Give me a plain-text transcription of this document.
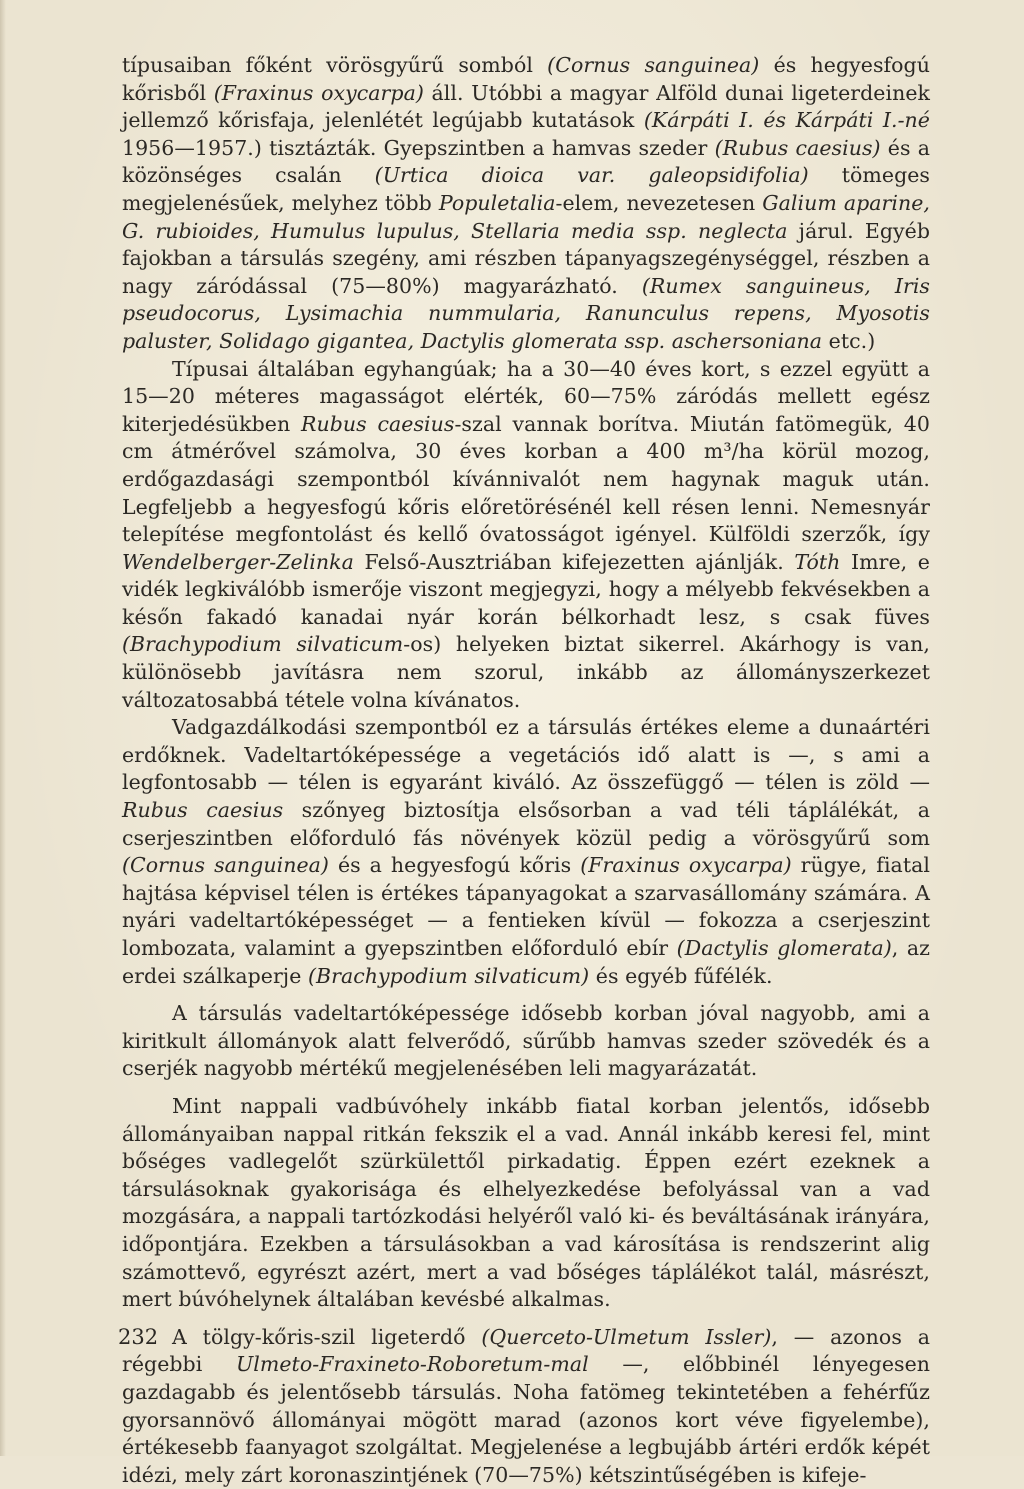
típusaiban főként vörösgyűrű somból (Cornus sanguinea) és hegyesfogú kőrisből (Fraxinus oxycarpa) áll. Utóbbi a magyar Alföld dunai ligeterdeinek jellemző kőrisfaja, jelenlétét legújabb kutatások (Kárpáti I. és Kárpáti I.-né 1956—1957.) tisztázták. Gyepszintben a hamvas szeder (Rubus caesius) és a közönséges csalán (Urtica dioica var. galeopsidifolia) tömeges megjelenésűek, melyhez több Populetalia-elem, nevezetesen Galium aparine, G. rubioides, Humulus lupulus, Stellaria media ssp. neglecta járul. Egyéb fajokban a társulás szegény, ami részben tápanyagszegénységgel, részben a nagy záródással (75—80%) magyarázható. (Rumex sanguineus, Iris pseudocorus, Lysimachia nummularia, Ranunculus repens, Myosotis paluster, Solidago gigantea, Dactylis glomerata ssp. aschersoniana etc.)

Típusai általában egyhangúak; ha a 30—40 éves kort, s ezzel együtt a 15—20 méteres magasságot elérték, 60—75% záródás mellett egész kiterjedésükben Rubus caesius-szal vannak borítva. Miután fatömegük, 40 cm átmérővel számolva, 30 éves korban a 400 m³/ha körül mozog, erdőgazdasági szempontból kívánnivalót nem hagynak maguk után. Legfeljebb a hegyesfogú kőris előretörésénél kell résen lenni. Nemesnyár telepítése megfontolást és kellő óvatosságot igényel. Külföldi szerzők, így Wendelberger-Zelinka Felső-Ausztriában kifejezetten ajánlják. Tóth Imre, e vidék legkiválóbb ismerője viszont megjegyzi, hogy a mélyebb fekvésekben a későn fakadó kanadai nyár korán bélkorhadt lesz, s csak füves (Brachypodium silvaticum-os) helyeken biztat sikerrel. Akárhogy is van, különösebb javításra nem szorul, inkább az állományszerkezet változatosabbá tétele volna kívánatos.

Vadgazdálkodási szempontból ez a társulás értékes eleme a dunaártéri erdőknek. Vadeltartóképessége a vegetációs idő alatt is —, s ami a legfontosabb — télen is egyaránt kiváló. Az összefüggő — télen is zöld — Rubus caesius szőnyeg biztosítja elsősorban a vad téli táplálékát, a cserjeszintben előforduló fás növények közül pedig a vörösgyűrű som (Cornus sanguinea) és a hegyesfogú kőris (Fraxinus oxycarpa) rügye, fiatal hajtása képvisel télen is értékes tápanyagokat a szarvasállomány számára. A nyári vadeltartóképességet — a fentieken kívül — fokozza a cserjeszint lombozata, valamint a gyepszintben előforduló ebír (Dactylis glomerata), az erdei szálkaperje (Brachypodium silvaticum) és egyéb fűfélék.

A társulás vadeltartóképessége idősebb korban jóval nagyobb, ami a kiritkult állományok alatt felverődő, sűrűbb hamvas szeder szövedék és a cserjék nagyobb mértékű megjelenésében leli magyarázatát.

Mint nappali vadbúvóhely inkább fiatal korban jelentős, idősebb állományaiban nappal ritkán fekszik el a vad. Annál inkább keresi fel, mint bőséges vadlegelőt szürkülettől pirkadatig. Éppen ezért ezeknek a társulásoknak gyakorisága és elhelyezkedése befolyással van a vad mozgására, a nappali tartózkodási helyéről való ki- és beváltásának irányára, időpontjára. Ezekben a társulásokban a vad károsítása is rendszerint alig számottevő, egyrészt azért, mert a vad bőséges táplálékot talál, másrészt, mert búvóhelynek általában kevésbé alkalmas.

A tölgy-kőris-szil ligeterdő (Querceto-Ulmetum Issler), — azonos a régebbi Ulmeto-Fraxineto-Roboretum-mal —, előbbinél lényegesen gazdagabb és jelentősebb társulás. Noha fatömeg tekintetében a fehérfűz gyorsannövő állományai mögött marad (azonos kort véve figyelembe), értékesebb faanyagot szolgáltat. Megjelenése a legbujább ártéri erdők képét idézi, mely zárt koronaszintjének (70—75%) kétszintűségében is kifeje-

232
